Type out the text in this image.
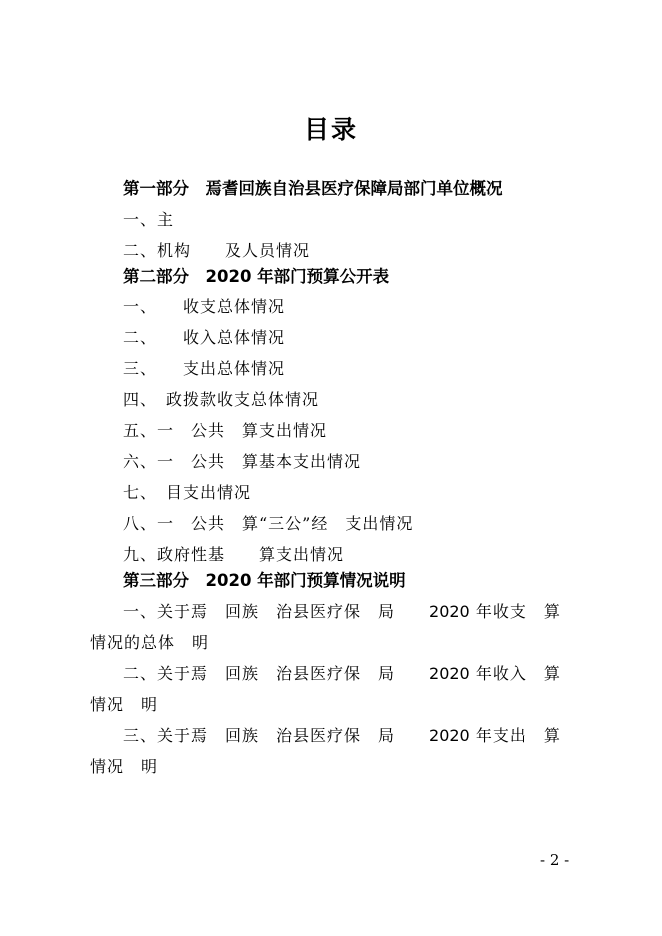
目录
第一部分　焉耆回族自治县医疗保障局部门单位概况
一、主
二、机构　　及人员情况
第二部分　2020 年部门预算公开表
一、　　收支总体情况
二、　　收入总体情况
三、　　支出总体情况
四、　政拨款收支总体情况
五、一　公共　算支出情况
六、一　公共　算基本支出情况
七、　目支出情况
八、一　公共　算“三公”经　支出情况
九、政府性基　　算支出情况
第三部分　2020 年部门预算情况说明
一、关于焉　回族　治县医疗保　局　　2020 年收支　算
情况的总体　明
二、关于焉　回族　治县医疗保　局　　2020 年收入　算
情况　明
三、关于焉　回族　治县医疗保　局　　2020 年支出　算
情况　明
- 2 -
